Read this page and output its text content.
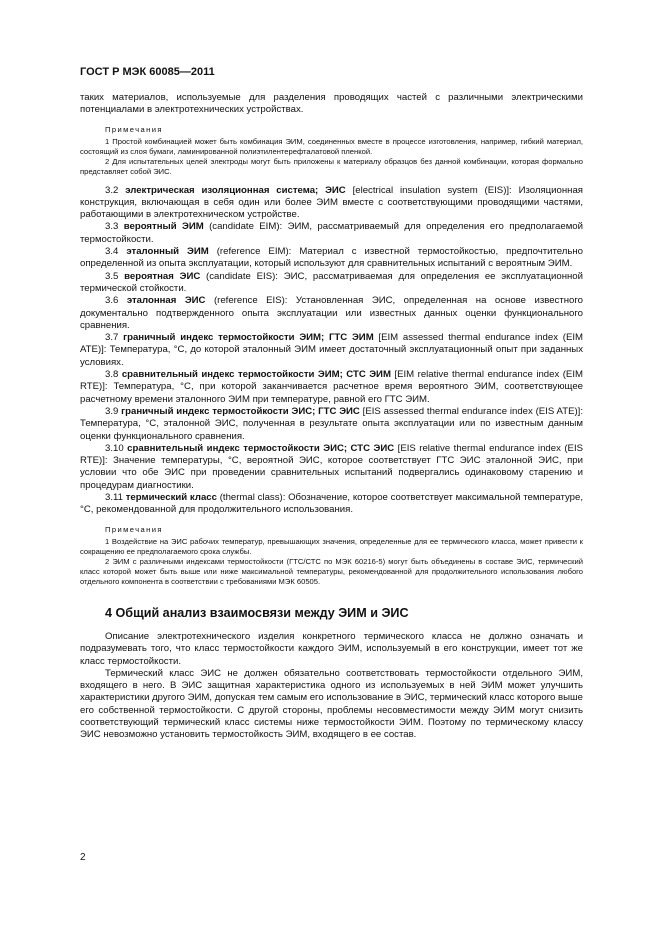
ГОСТ Р МЭК 60085—2011

таких материалов, используемые для разделения проводящих частей с различными электрическими потенциалами в электротехнических устройствах.

Примечания

1 Простой комбинацией может быть комбинация ЭИМ, соединенных вместе в процессе изготовления, например, гибкий материал, состоящий из слоя бумаги, ламинированной полиэтилентерефталатовой пленкой.

2 Для испытательных целей электроды могут быть приложены к материалу образцов без данной комбинации, которая формально представляет собой ЭИС.

3.2 электрическая изоляционная система; ЭИС [electrical insulation system (EIS)]: Изоляционная конструкция, включающая в себя один или более ЭИМ вместе с соответствующими проводящими частями, работающими в электротехническом устройстве.

3.3 вероятный ЭИМ (candidate EIM): ЭИМ, рассматриваемый для определения его предполагаемой термостойкости.

3.4 эталонный ЭИМ (reference EIM): Материал с известной термостойкостью, предпочтительно определенной из опыта эксплуатации, который используют для сравнительных испытаний с вероятным ЭИМ.

3.5 вероятная ЭИС (candidate EIS): ЭИС, рассматриваемая для определения ее эксплуатационной термической стойкости.

3.6 эталонная ЭИС (reference EIS): Установленная ЭИС, определенная на основе известного документально подтвержденного опыта эксплуатации или известных данных оценки функционального сравнения.

3.7 граничный индекс термостойкости ЭИМ; ГТС ЭИМ [EIM assessed thermal endurance index (EIM ATE)]: Температура, °С, до которой эталонный ЭИМ имеет достаточный эксплуатационный опыт при заданных условиях.

3.8 сравнительный индекс термостойкости ЭИМ; СТС ЭИМ [EIM relative thermal endurance index (EIM RTE)]: Температура, °С, при которой заканчивается расчетное время вероятного ЭИМ, соответствующее расчетному времени эталонного ЭИМ при температуре, равной его ГТС ЭИМ.

3.9 граничный индекс термостойкости ЭИС; ГТС ЭИС [EIS assessed thermal endurance index (EIS ATE)]: Температура, °С, эталонной ЭИС, полученная в результате опыта эксплуатации или по известным данным оценки функционального сравнения.

3.10 сравнительный индекс термостойкости ЭИС; СТС ЭИС [EIS relative thermal endurance index (EIS RTE)]: Значение температуры, °С, вероятной ЭИС, которое соответствует ГТС ЭИС эталонной ЭИС, при условии что обе ЭИС при проведении сравнительных испытаний подвергались одинаковому старению и процедурам диагностики.

3.11 термический класс (thermal class): Обозначение, которое соответствует максимальной температуре, °С, рекомендованной для продолжительного использования.

Примечания

1 Воздействие на ЭИС рабочих температур, превышающих значения, определенные для ее термического класса, может привести к сокращению ее предполагаемого срока службы.

2 ЭИМ с различными индексами термостойкости (ГТС/СТС по МЭК 60216-5) могут быть объединены в составе ЭИС, термический класс которой может быть выше или ниже максимальной температуры, рекомендованной для продолжительного использования любого отдельного компонента в соответствии с требованиями МЭК 60505.

4 Общий анализ взаимосвязи между ЭИМ и ЭИС

Описание электротехнического изделия конкретного термического класса не должно означать и подразумевать того, что класс термостойкости каждого ЭИМ, используемый в его конструкции, имеет тот же класс термостойкости.

Термический класс ЭИС не должен обязательно соответствовать термостойкости отдельного ЭИМ, входящего в него. В ЭИС защитная характеристика одного из используемых в ней ЭИМ может улучшить характеристики другого ЭИМ, допуская тем самым его использование в ЭИС, термический класс которого выше его собственной термостойкости. С другой стороны, проблемы несовместимости между ЭИМ могут снизить соответствующий термический класс системы ниже термостойкости ЭИМ. Поэтому по термическому классу ЭИС невозможно установить термостойкость ЭИМ, входящего в ее состав.

2
